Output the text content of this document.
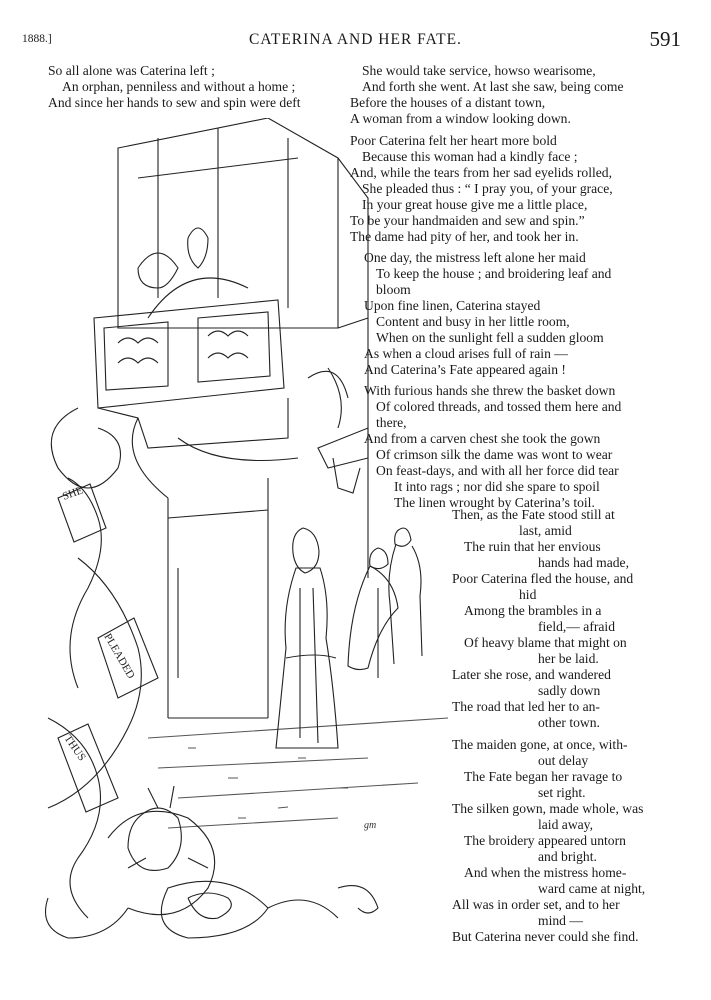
1888.]	CATERINA AND HER FATE.	591
So all alone was Caterina left ;
An orphan, penniless and without a home ;
And since her hands to sew and spin were deft
She would take service, howso wearisome,
And forth she went. At last she saw, being come
Before the houses of a distant town,
A woman from a window looking down.
Poor Caterina felt her heart more bold
Because this woman had a kindly face ;
And, while the tears from her sad eyelids rolled,
She pleaded thus : “ I pray you, of your grace,
In your great house give me a little place,
To be your handmaiden and sew and spin.”
The dame had pity of her, and took her in.
One day, the mistress left alone her maid
To keep the house ; and broidering leaf and
bloom
Upon fine linen, Caterina stayed
Content and busy in her little room,
When on the sunlight fell a sudden gloom
As when a cloud arises full of rain —
And Caterina’s Fate appeared again !
With furious hands she threw the basket down
Of colored threads, and tossed them here and
there,
And from a carven chest she took the gown
Of crimson silk the dame was wont to wear
On feast-days, and with all her force did tear
It into rags ; nor did she spare to spoil
The linen wrought by Caterina’s toil.
Then, as the Fate stood still at
last, amid
The ruin that her envious
hands had made,
Poor Caterina fled the house, and
hid
Among the brambles in a
field,— afraid
Of heavy blame that might on
her be laid.
Later she rose, and wandered
sadly down
The road that led her to an-
other town.
The maiden gone, at once, with-
out delay
The Fate began her ravage to
set right.
The silken gown, made whole, was
laid away,
The broidery appeared untorn
and bright.
And when the mistress home-
ward came at night,
All was in order set, and to her
mind —
But Caterina never could she find.
SHE
PLEADED
THUS
gm
